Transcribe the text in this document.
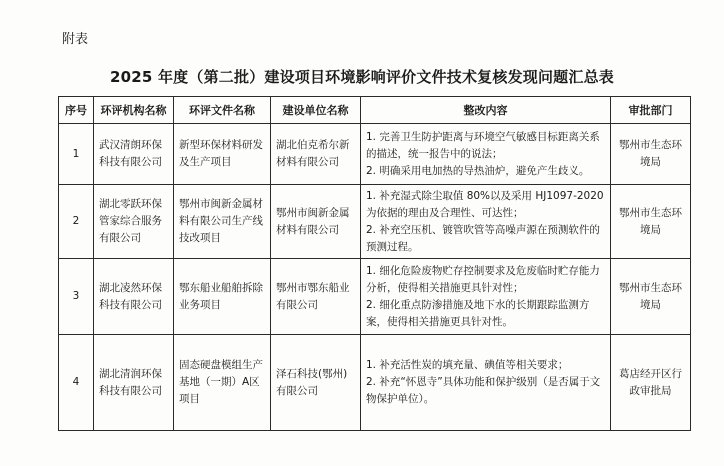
附表
2025 年度（第二批）建设项目环境影响评价文件技术复核发现问题汇总表
序号	环评机构名称	环评文件名称	建设单位名称	整改内容	审批部门
1	武汉清朗环保科技有限公司	新型环保材料研发及生产项目	湖北伯克希尔新材料有限公司	1. 完善卫生防护距离与环境空气敏感目标距离关系的描述，统一报告中的说法；
2. 明确采用电加热的导热油炉，避免产生歧义。	鄂州市生态环境局
2	湖北零跃环保管家综合服务有限公司	鄂州市闽新金属材料有限公司生产线技改项目	鄂州市闽新金属材料有限公司	1. 补充湿式除尘取值 80%以及采用 HJ1097-2020 为依据的理由及合理性、可达性；
2. 补充空压机、镀管吹管等高噪声源在预测软件的预测过程。	鄂州市生态环境局
3	湖北凌然环保科技有限公司	鄂东船业船舶拆除业务项目	鄂州市鄂东船业有限公司	1. 细化危险废物贮存控制要求及危废临时贮存能力分析，使得相关措施更具针对性；
2. 细化重点防渗措施及地下水的长期跟踪监测方案，使得相关措施更具针对性。	鄂州市生态环境局
4	湖北清润环保科技有限公司	固态硬盘模组生产基地（一期）A区项目	泽石科技(鄂州)有限公司	1. 补充活性炭的填充量、碘值等相关要求；
2. 补充“怀恩寺”具体功能和保护级别（是否属于文物保护单位）。	葛店经开区行政审批局
